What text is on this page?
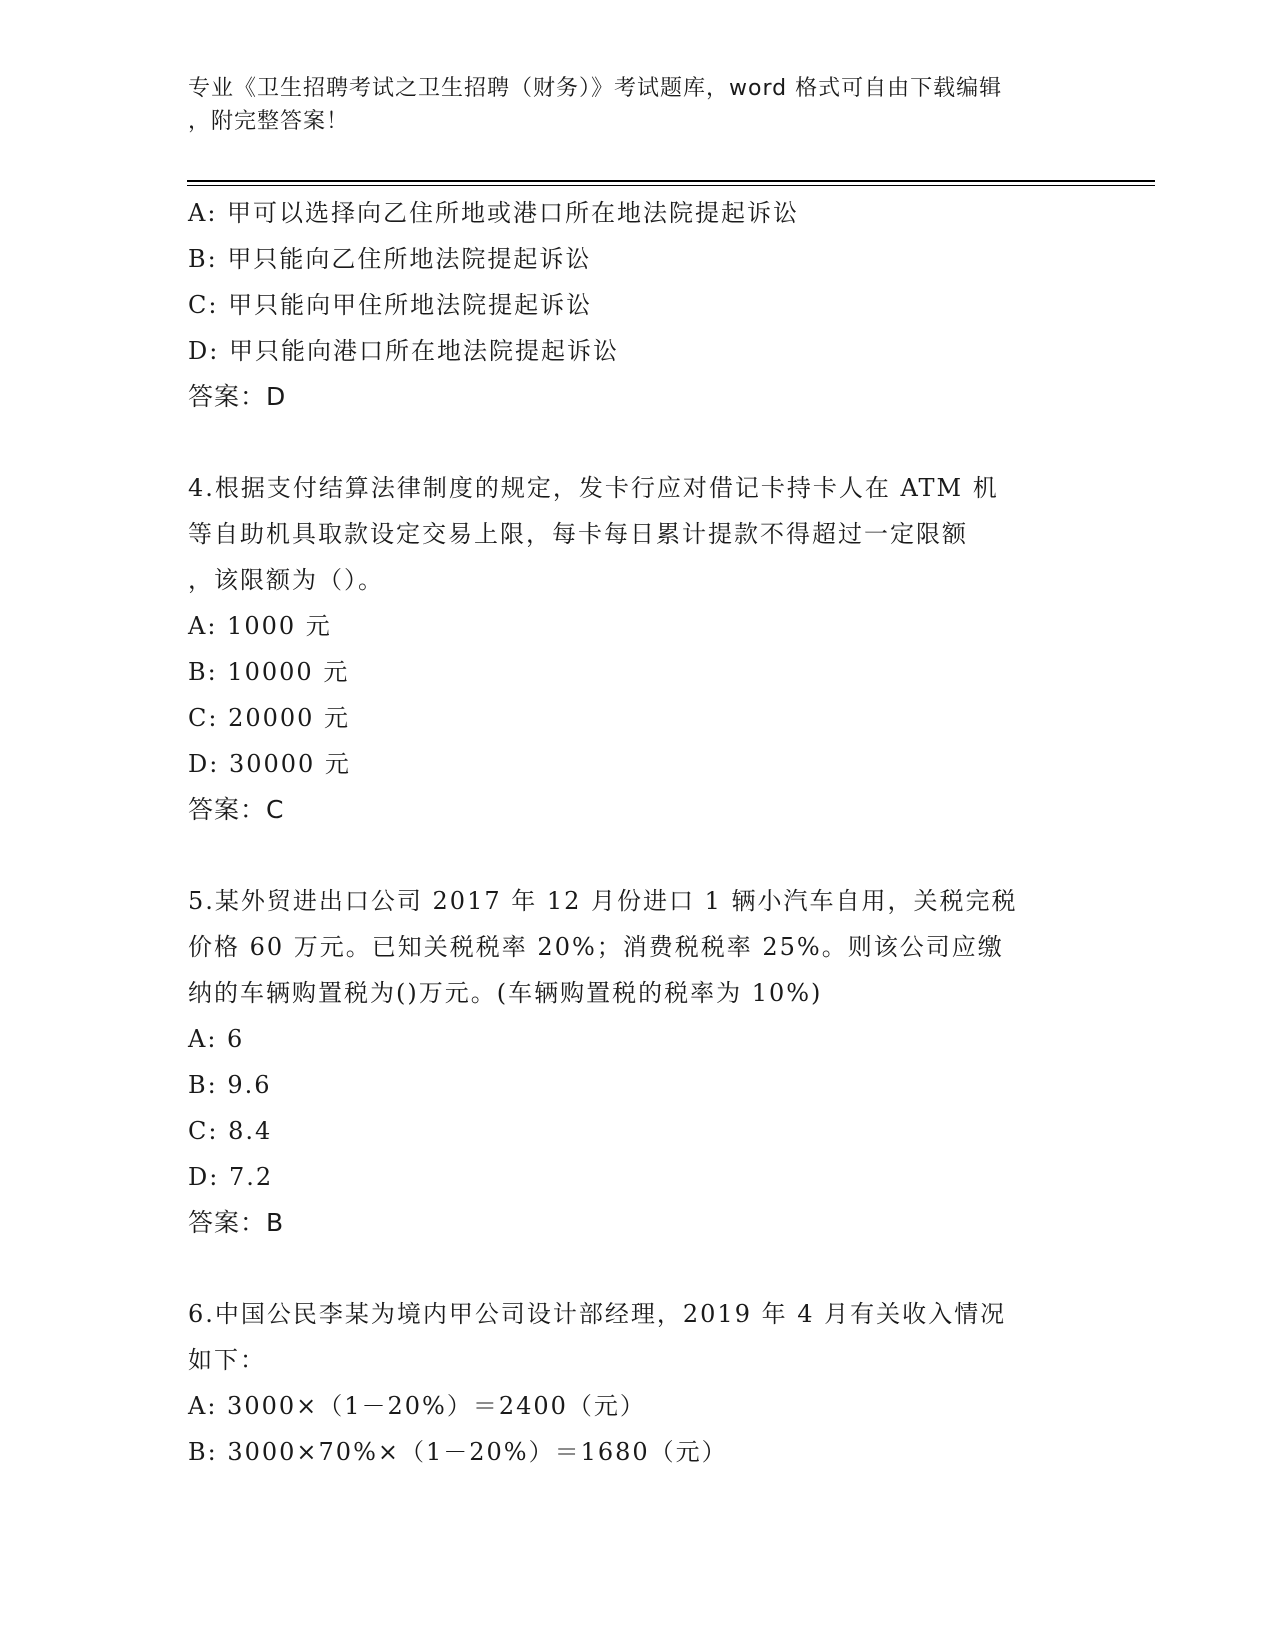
专业《卫生招聘考试之卫生招聘（财务）》考试题库，word 格式可自由下载编辑
，附完整答案！
A: 甲可以选择向乙住所地或港口所在地法院提起诉讼
B: 甲只能向乙住所地法院提起诉讼
C: 甲只能向甲住所地法院提起诉讼
D: 甲只能向港口所在地法院提起诉讼
答案：D
4.根据支付结算法律制度的规定，发卡行应对借记卡持卡人在 ATM 机
等自助机具取款设定交易上限，每卡每日累计提款不得超过一定限额
，该限额为（）。
A: 1000 元
B: 10000 元
C: 20000 元
D: 30000 元
答案：C
5.某外贸进出口公司 2017 年 12 月份进口 1 辆小汽车自用，关税完税
价格 60 万元。已知关税税率 20%；消费税税率 25%。则该公司应缴
纳的车辆购置税为()万元。(车辆购置税的税率为 10%)
A: 6
B: 9.6
C: 8.4
D: 7.2
答案：B
6.中国公民李某为境内甲公司设计部经理，2019 年 4 月有关收入情况
如下：
A: 3000×（1－20%）＝2400（元）
B: 3000×70%×（1－20%）＝1680（元）
